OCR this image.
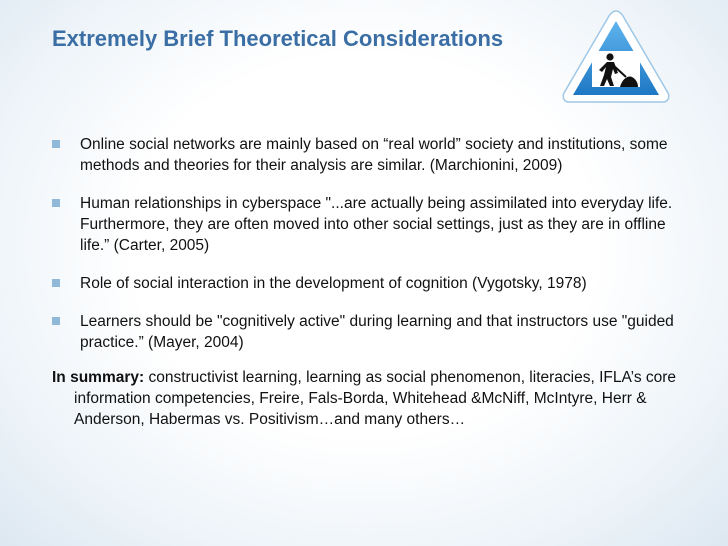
Extremely Brief Theoretical Considerations
Online social networks are mainly based on “real world” society and institutions, some methods and theories for their analysis are similar. (Marchionini, 2009)
Human relationships in cyberspace "...are actually being assimilated into everyday life. Furthermore, they are often moved into other social settings, just as they are in offline life.” (Carter, 2005)
Role of social interaction in the development of cognition (Vygotsky, 1978)
Learners should be "cognitively active" during learning and that instructors use "guided practice.” (Mayer, 2004)
In summary: constructivist learning, learning as social phenomenon, literacies, IFLA’s core information competencies, Freire, Fals-Borda, Whitehead &McNiff, McIntyre, Herr & Anderson, Habermas vs. Positivism…and many others…
